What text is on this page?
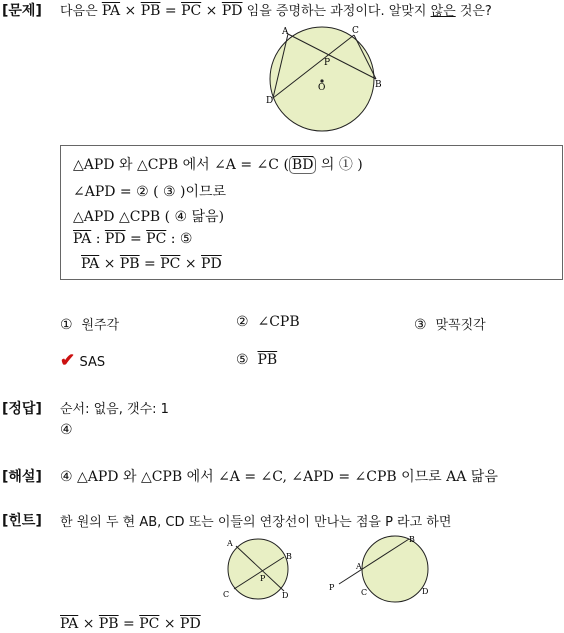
[문제] 다음은 $\overline{PA} \times \overline{PB} = \overline{PC} \times \overline{PD}$ 임을 증명하는 과정이다. 알맞지 않은 것은?
A	C
P
O
D
B
△APD 와 △CPB 에서 ∠A = ∠C ( $\overline{BD}$ 의 ① )
∠APD = ② ( ③ )이므로
△APD △CPB ( ④ 닮음)
$\overline{PA}$ : $\overline{PD} = \overline{PC}$ : ⑤
$\overline{PA} \times \overline{PB} = \overline{PC} \times \overline{PD}$
① 원주각	② ∠CPB	③ 맞꼭짓각
✔ SAS	⑤ $\overline{PB}$
[정답] 순서: 없음, 갯수: 1
④
[해설] ④ △APD 와 △CPB 에서 ∠A = ∠C, ∠APD = ∠CPB 이므로 AA 닮음
[힌트] 한 원의 두 현 AB, CD 또는 이들의 연장선이 만나는 점을 P 라고 하면
A
B
P
C	D
B
A
P
C	D
$\overline{PA} \times \overline{PB} = \overline{PC} \times \overline{PD}$
